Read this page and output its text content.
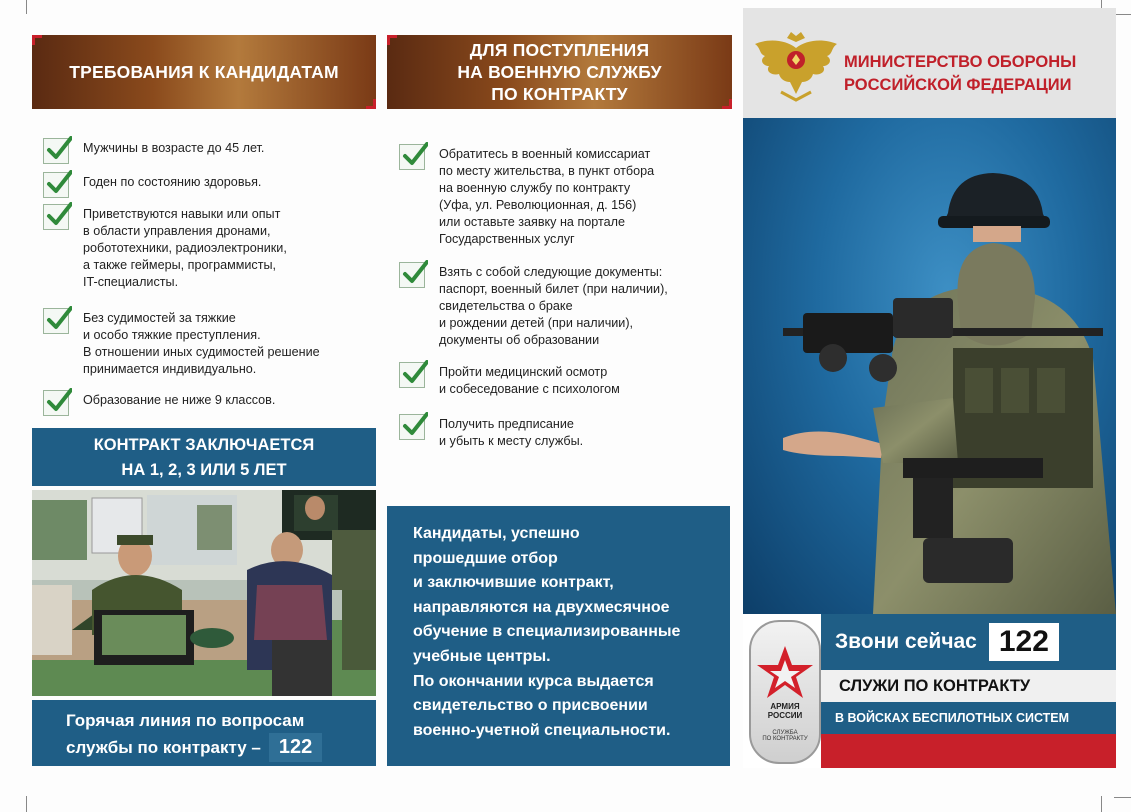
ТРЕБОВАНИЯ К КАНДИДАТАМ
Мужчины в возрасте до 45 лет.
Годен по состоянию здоровья.
Приветствуются навыки или опыт
в области управления дронами,
робототехники, радиоэлектроники,
а также геймеры, программисты,
IT-специалисты.
Без судимостей за тяжкие
и особо тяжкие преступления.
В отношении иных судимостей решение
принимается индивидуально.
Образование не ниже 9 классов.
КОНТРАКТ ЗАКЛЮЧАЕТСЯ
НА 1, 2, 3 ИЛИ 5 ЛЕТ
Горячая линия по вопросам
службы по контракту – 122
ДЛЯ ПОСТУПЛЕНИЯ
НА ВОЕННУЮ СЛУЖБУ
ПО КОНТРАКТУ
Обратитесь в военный комиссариат
по месту жительства, в пункт отбора
на военную службу по контракту
(Уфа, ул. Революционная, д. 156)
или оставьте заявку на портале
Государственных услуг
Взять с собой следующие документы:
паспорт, военный билет (при наличии),
свидетельства о браке
и рождении детей (при наличии),
документы об образовании
Пройти медицинский осмотр
и собеседование с психологом
Получить предписание
и убыть к месту службы.
Кандидаты, успешно
прошедшие отбор
и заключившие контракт,
направляются на двухмесячное
обучение в специализированные
учебные центры.
По окончании курса выдается
свидетельство о присвоении
военно-учетной специальности.
МИНИСТЕРСТВО ОБОРОНЫ
РОССИЙСКОЙ ФЕДЕРАЦИИ
АРМИЯ
РОССИИ
СЛУЖБА
ПО КОНТРАКТУ
Звони сейчас 122
СЛУЖИ ПО КОНТРАКТУ
В ВОЙСКАХ БЕСПИЛОТНЫХ СИСТЕМ
